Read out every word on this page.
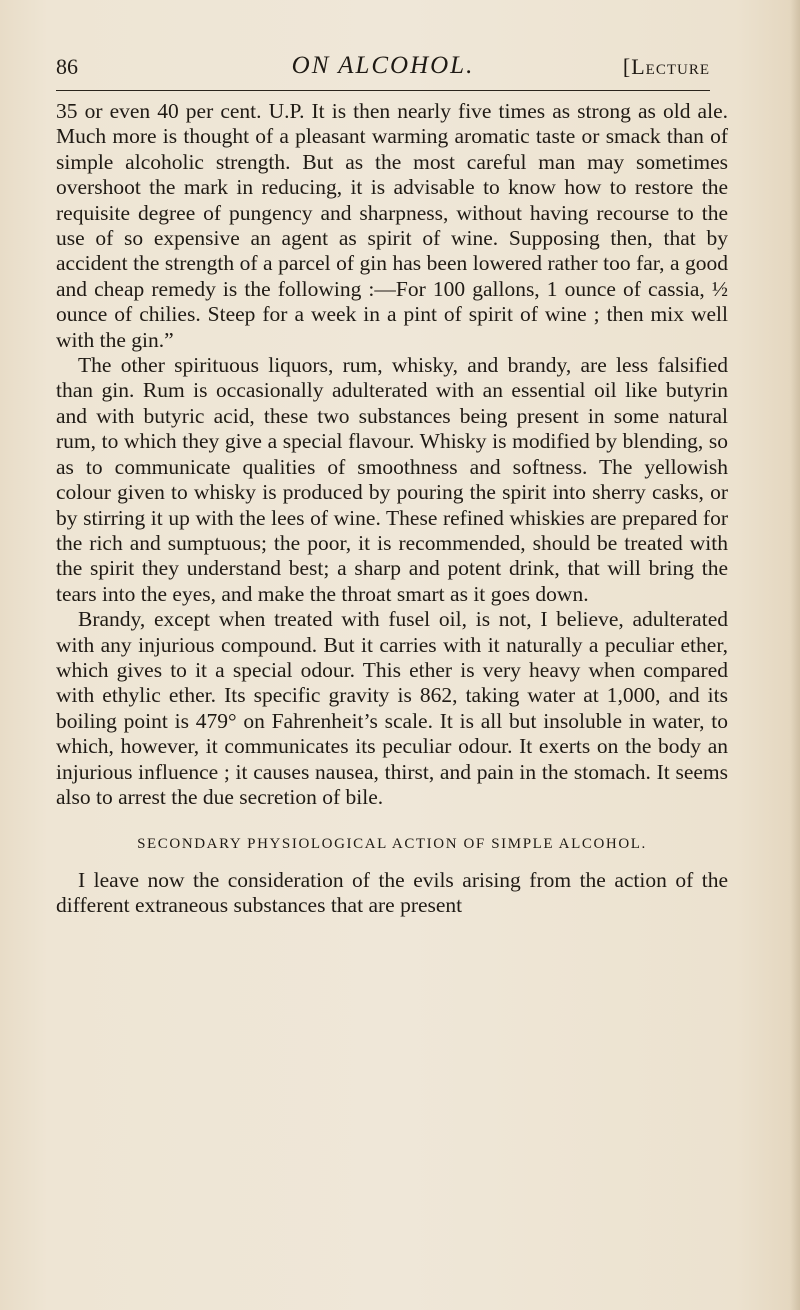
86	ON ALCOHOL.	[Lecture

35 or even 40 per cent. U.P. It is then nearly five times as strong as old ale. Much more is thought of a pleasant warming aromatic taste or smack than of simple alcoholic strength. But as the most careful man may sometimes overshoot the mark in reducing, it is advisable to know how to restore the requisite degree of pungency and sharpness, without having recourse to the use of so expensive an agent as spirit of wine. Supposing then, that by accident the strength of a parcel of gin has been lowered rather too far, a good and cheap remedy is the following :—For 100 gallons, 1 ounce of cassia, ½ ounce of chilies. Steep for a week in a pint of spirit of wine ; then mix well with the gin.”

The other spirituous liquors, rum, whisky, and brandy, are less falsified than gin. Rum is occasionally adulterated with an essential oil like butyrin and with butyric acid, these two substances being present in some natural rum, to which they give a special flavour. Whisky is modified by blending, so as to communicate qualities of smoothness and softness. The yellowish colour given to whisky is produced by pouring the spirit into sherry casks, or by stirring it up with the lees of wine. These refined whiskies are prepared for the rich and sumptuous; the poor, it is recommended, should be treated with the spirit they understand best; a sharp and potent drink, that will bring the tears into the eyes, and make the throat smart as it goes down.

Brandy, except when treated with fusel oil, is not, I believe, adulterated with any injurious compound. But it carries with it naturally a peculiar ether, which gives to it a special odour. This ether is very heavy when compared with ethylic ether. Its specific gravity is 862, taking water at 1,000, and its boiling point is 479° on Fahrenheit’s scale. It is all but insoluble in water, to which, however, it communicates its peculiar odour. It exerts on the body an injurious influence ; it causes nausea, thirst, and pain in the stomach. It seems also to arrest the due secretion of bile.

SECONDARY PHYSIOLOGICAL ACTION OF SIMPLE ALCOHOL.

I leave now the consideration of the evils arising from the action of the different extraneous substances that are present
